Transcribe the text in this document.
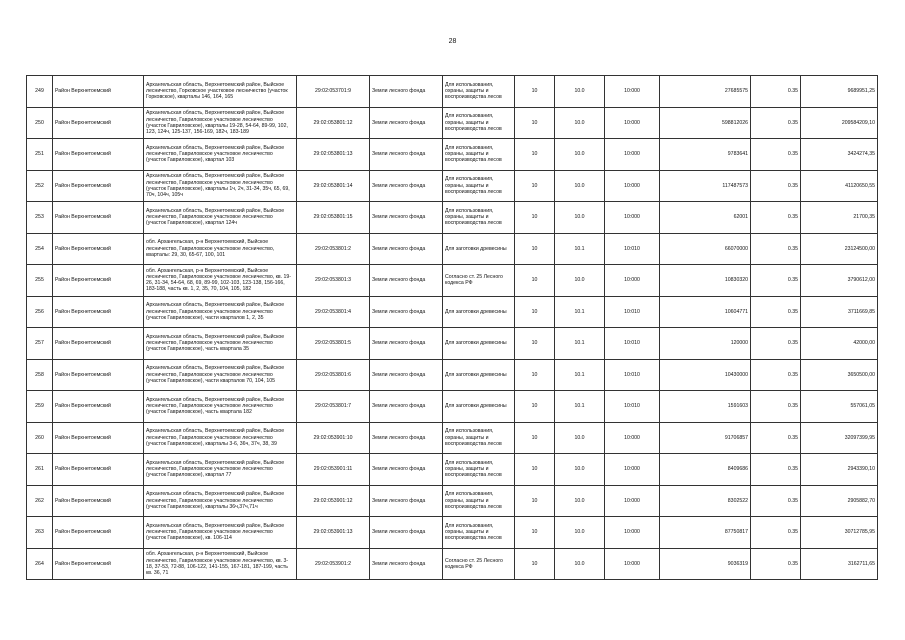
28
249	Район Верхнетоемский	Архангельская область, Верхнетоемский район, Выйское лесничество, Горковское участковое лесничество (участок Горковское), кварталы 146, 164, 165	29:02:053701:9	Земли лесного фонда	Для использования, охраны, защиты и воспроизводства лесов	10	10.0	10:000	27685575	0.35	9689951,25
250	Район Верхнетоемский	Архангельская область, Верхнетоемский район, Выйское лесничество, Гавриловское участковое лесничество (участок Гавриловское), кварталы 19-28, 54-64, 89-99, 102, 123, 124ч, 125-137, 156-169, 182ч, 183-189	29:02:053801:12	Земли лесного фонда	Для использования, охраны, защиты и воспроизводства лесов	10	10.0	10:000	598812026	0.35	209584209,10
251	Район Верхнетоемский	Архангельская область, Верхнетоемский район, Выйское лесничество, Гавриловское участковое лесничество (участок Гавриловское), квартал 103	29:02:053801:13	Земли лесного фонда	Для использования, охраны, защиты и воспроизводства лесов	10	10.0	10:000	9783641	0.35	3424274,35
252	Район Верхнетоемский	Архангельская область, Верхнетоемский район, Выйское лесничество, Гавриловское участковое лесничество (участок Гавриловское), кварталы 1ч, 2ч, 31-34, 35ч, 65, 69, 70ч, 104ч, 105ч	29:02:053801:14	Земли лесного фонда	Для использования, охраны, защиты и воспроизводства лесов	10	10.0	10:000	117487573	0.35	41120650,55
253	Район Верхнетоемский	Архангельская область, Верхнетоемский район, Выйское лесничество, Гавриловское участковое лесничество (участок Гавриловское), квартал 124ч	29:02:053801:15	Земли лесного фонда	Для использования, охраны, защиты и воспроизводства лесов	10	10.0	10:000	62001	0.35	21700,35
254	Район Верхнетоемский	обл. Архангельская, р-н Верхнетоемский, Выйское лесничество, Гавриловское участковое лесничество, кварталы: 29, 30, 65-67, 100, 101	29:02:053801:2	Земли лесного фонда	Для заготовки древесины	10	10.1	10:010	66070000	0.35	23124500,00
255	Район Верхнетоемский	обл. Архангельская, р-н Верхнетоемский, Выйское лесничество, Гавриловское участковое лесничество, кв. 19-26, 31-34, 54-64, 68, 69, 89-99, 102-103, 123-138, 156-166, 183-188, часть кв. 1, 2, 35, 70, 104, 105, 182	29:02:053801:3	Земли лесного фонда	Согласно ст. 25 Лесного кодекса РФ	10	10.0	10:000	10830320	0.35	3790612,00
256	Район Верхнетоемский	Архангельская область, Верхнетоемский район, Выйское лесничество, Гавриловское участковое лесничество (участок Гавриловское), части кварталов 1, 2, 35	29:02:053801:4	Земли лесного фонда	Для заготовки древесины	10	10.1	10:010	10604771	0.35	3711669,85
257	Район Верхнетоемский	Архангельская область, Верхнетоемский район, Выйское лесничество, Гавриловское участковое лесничество (участок Гавриловское), часть квартала 35	29:02:053801:5	Земли лесного фонда	Для заготовки древесины	10	10.1	10:010	120000	0.35	42000,00
258	Район Верхнетоемский	Архангельская область, Верхнетоемский район, Выйское лесничество, Гавриловское участковое лесничество (участок Гавриловское), части кварталов 70, 104, 105	29:02:053801:6	Земли лесного фонда	Для заготовки древесины	10	10.1	10:010	10430000	0.35	3650500,00
259	Район Верхнетоемский	Архангельская область, Верхнетоемский район, Выйское лесничество, Гавриловское участковое лесничество (участок Гавриловское), часть квартала 182	29:02:053801:7	Земли лесного фонда	Для заготовки древесины	10	10.1	10:010	1591603	0.35	557061,05
260	Район Верхнетоемский	Архангельская область, Верхнетоемский район, Выйское лесничество, Гавриловское участковое лесничество (участок Гавриловское), кварталы 3-6, 36ч, 37ч, 38, 39	29:02:053901:10	Земли лесного фонда	Для использования, охраны, защиты и воспроизводства лесов	10	10.0	10:000	91706857	0.35	32097399,95
261	Район Верхнетоемский	Архангельская область, Верхнетоемский район, Выйское лесничество, Гавриловское участковое лесничество (участок Гавриловское), квартал 77	29:02:053901:11	Земли лесного фонда	Для использования, охраны, защиты и воспроизводства лесов	10	10.0	10:000	8409686	0.35	2943390,10
262	Район Верхнетоемский	Архангельская область, Верхнетоемский район, Выйское лесничество, Гавриловское участковое лесничество (участок Гавриловское), кварталы 36ч,37ч,71ч	29:02:053901:12	Земли лесного фонда	Для использования, охраны, защиты и воспроизводства лесов	10	10.0	10:000	8302522	0.35	2905882,70
263	Район Верхнетоемский	Архангельская область, Верхнетоемский район, Выйское лесничество, Гавриловское участковое лесничество (участок Гавриловское), кв. 106-114	29:02:053901:13	Земли лесного фонда	Для использования, охраны, защиты и воспроизводства лесов	10	10.0	10:000	87750817	0.35	30712785,95
264	Район Верхнетоемский	обл. Архангельская, р-н Верхнетоемский, Выйское лесничество, Гавриловское участковое лесничество, кв. 3-18, 37-53, 72-88, 106-122, 141-155, 167-181, 187-199, часть кв. 36, 71	29:02:053901:2	Земли лесного фонда	Согласно ст. 25 Лесного кодекса РФ	10	10.0	10:000	9036319	0.35	3162711,65
